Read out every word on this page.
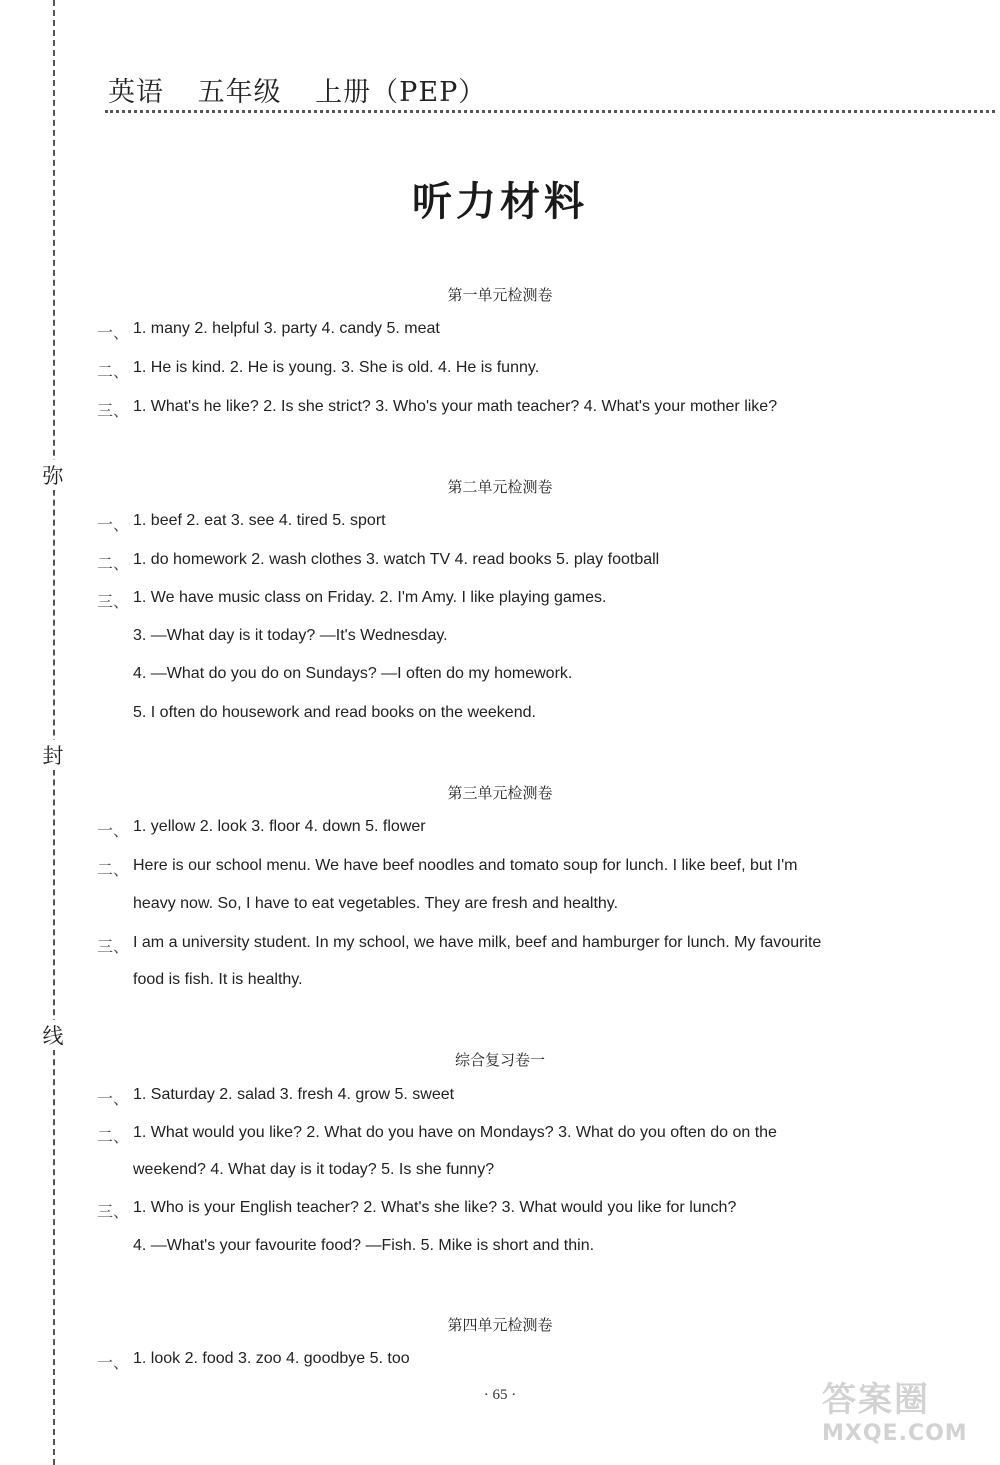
弥
封
线
英语 五年级 上册（PEP）
听力材料
第一单元检测卷
一、 1. many 2. helpful 3. party 4. candy 5. meat
二、 1. He is kind. 2. He is young. 3. She is old. 4. He is funny.
三、 1. What's he like? 2. Is she strict? 3. Who's your math teacher? 4. What's your mother like?
第二单元检测卷
一、 1. beef 2. eat 3. see 4. tired 5. sport
二、 1. do homework 2. wash clothes 3. watch TV 4. read books 5. play football
三、 1. We have music class on Friday. 2. I'm Amy. I like playing games.
3. —What day is it today? —It's Wednesday.
4. —What do you do on Sundays? —I often do my homework.
5. I often do housework and read books on the weekend.
第三单元检测卷
一、 1. yellow 2. look 3. floor 4. down 5. flower
二、 Here is our school menu. We have beef noodles and tomato soup for lunch. I like beef, but I'm
heavy now. So, I have to eat vegetables. They are fresh and healthy.
三、 I am a university student. In my school, we have milk, beef and hamburger for lunch. My favourite
food is fish. It is healthy.
综合复习卷一
一、 1. Saturday 2. salad 3. fresh 4. grow 5. sweet
二、 1. What would you like? 2. What do you have on Mondays? 3. What do you often do on the
weekend? 4. What day is it today? 5. Is she funny?
三、 1. Who is your English teacher? 2. What's she like? 3. What would you like for lunch?
4. —What's your favourite food? —Fish. 5. Mike is short and thin.
第四单元检测卷
一、 1. look 2. food 3. zoo 4. goodbye 5. too
· 65 ·	答案圈
MXQE.COM
